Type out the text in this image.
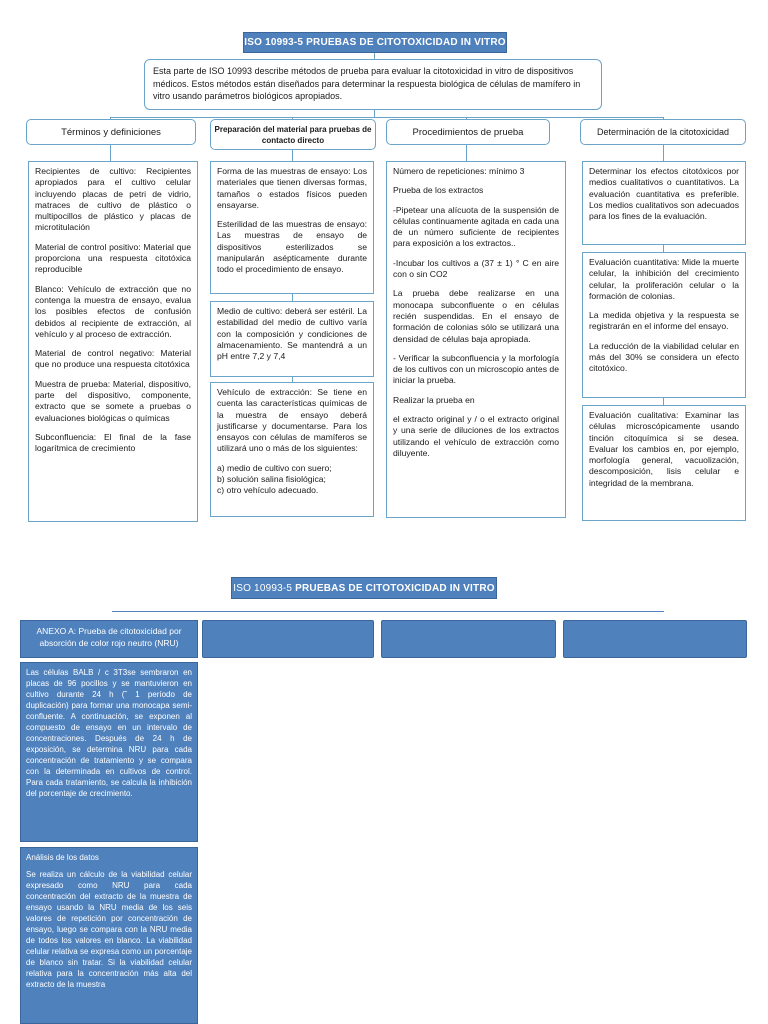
ISO 10993-5 PRUEBAS DE CITOTOXICIDAD IN VITRO
Esta parte de ISO 10993 describe métodos de prueba para evaluar la citotoxicidad in vitro de dispositivos médicos. Estos métodos están diseñados para determinar la respuesta biológica de células de mamífero in vitro usando parámetros biológicos apropiados.
Términos y definiciones	Preparación del material para pruebas de contacto directo
Procedimientos de prueba	Determinación de la citotoxicidad

Recipientes de cultivo: Recipientes apropiados para el cultivo celular incluyendo placas de petri de vidrio, matraces de cultivo de plástico o multipocillos de plástico y placas de microtitulación

Material de control positivo: Material que proporciona una respuesta citotóxica reproducible

Blanco: Vehículo de extracción que no contenga la muestra de ensayo, evalua los posibles efectos de confusión debidos al recipiente de extracción, al vehículo y al proceso de extracción.

Material de control negativo: Material que no produce una respuesta citotóxica

Muestra de prueba: Material, dispositivo, parte del dispositivo, componente, extracto que se somete a pruebas o evaluaciones biológicas o químicas

Subconfluencia: El final de la fase logarítmica de crecimiento

Forma de las muestras de ensayo: Los materiales que tienen diversas formas, tamaños o estados físicos pueden ensayarse.

Esterilidad de las muestras de ensayo: Las muestras de ensayo de dispositivos esterilizados se manipularán asépticamente durante todo el procedimiento de ensayo.

Medio de cultivo: deberá ser estéril. La estabilidad del medio de cultivo varía con la composición y condiciones de almacenamiento. Se mantendrá a un pH entre 7,2 y 7,4

Vehículo de extracción: Se tiene en cuenta las características químicas de la muestra de ensayo deberá justificarse y documentarse. Para los ensayos con células de mamíferos se utilizará uno o más de los siguientes:

a) medio de cultivo con suero;
b) solución salina fisiológica;
c) otro vehículo adecuado.

Número de repeticiones: mínimo 3

Prueba de los extractos

-Pipetear una alícuota de la suspensión de células continuamente agitada en cada una de un número suficiente de recipientes para exposición a los extractos..

-Incubar los cultivos a (37 ± 1) ° C en aire con o sin CO2

La prueba debe realizarse en una monocapa subconfluente o en células recién suspendidas. En el ensayo de formación de colonias sólo se utilizará una densidad de células baja apropiada.

- Verificar la subconfluencia y la morfología de los cultivos con un microscopio antes de iniciar la prueba.

Realizar la prueba en

el extracto original y / o el extracto original y una serie de diluciones de los extractos utilizando el vehículo de extracción como diluyente.

Determinar los efectos citotóxicos por medios cualitativos o cuantitativos. La evaluación cuantitativa es preferible. Los medios cualitativos son adecuados para los fines de la evaluación.

Evaluación cuantitativa: Mide la muerte celular, la inhibición del crecimiento celular, la proliferación celular o la formación de colonias.

La medida objetiva y la respuesta se registrarán en el informe del ensayo.

La reducción de la viabilidad celular en más del 30% se considera un efecto citotóxico.

Evaluación cualitativa: Examinar las células microscópicamente usando tinción citoquímica si se desea. Evaluar los cambios en, por ejemplo, morfología general, vacuolización, descomposición, lisis celular e integridad de la membrana.

ISO 10993-5 PRUEBAS DE CITOTOXICIDAD IN VITRO
ANEXO A: Prueba de citotoxicidad por absorción de color rojo neutro (NRU)

Las células BALB / c 3T3se sembraron en placas de 96 pocillos y se mantuvieron en cultivo durante 24 h (˜ 1 período de duplicación) para formar una monocapa semi-confluente. A continuación, se exponen al compuesto de ensayo en un intervalo de concentraciones. Después de 24 h de exposición, se determina NRU para cada concentración de tratamiento y se compara con la determinada en cultivos de control. Para cada tratamiento, se calcula la inhibición del porcentaje de crecimiento.

Análisis de los datos

Se realiza un cálculo de la viabilidad celular expresado como NRU para cada concentración del extracto de la muestra de ensayo usando la NRU media de los seis valores de repetición por concentración de ensayo, luego se compara con la NRU media de todos los valores en blanco. La viabilidad celular relativa se expresa como un porcentaje de blanco sin tratar. Si la viabilidad celular relativa para la concentración más alta del extracto de la muestra
